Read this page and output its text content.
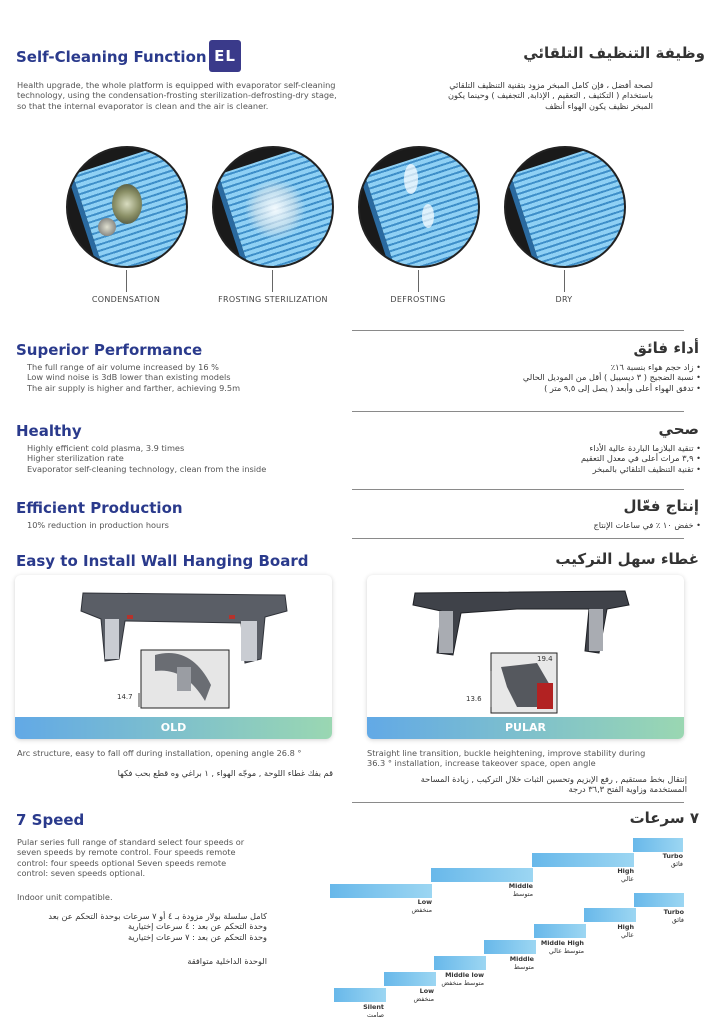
Self-Cleaning Function EL	وظيفة التنظيف التلقائي
Health upgrade, the whole platform is equipped with evaporator self-cleaning
technology, using the condensation-frosting sterilization-defrosting-dry stage,
so that the internal evaporator is clean and the air is cleaner.
لصحة أفضل ، فإن كامل المبخر مزود بتقنية التنظيف التلقائي
باستخدام ( التكثيف , التعقيم , الإذابة, التجفيف ) وحينما يكون
المبخر نظيف يكون الهواء أنظف
CONDENSATION	FROSTING STERILIZATION	DEFROSTING	DRY
Superior Performance	أداء فائق
The full range of air volume increased by 16 %
Low wind noise is 3dB lower than existing models
The air supply is higher and farther, achieving 9.5m
• زاد حجم هواء بنسبة ١٦٪
• نسبة الضجيج ( ٣ ديسيبل ) أقل من الموديل الحالي
• تدفق الهواء أعلى وأبعد ( يصل إلى ٩,٥ متر )
Healthy	صحي
Highly efficient cold plasma, 3.9 times
Higher sterilization rate
Evaporator self-cleaning technology, clean from the inside
• تنقية البلازما الباردة عالية الأداء
• ٣,٩ مرات أعلى في معدل التعقيم
• تقنية التنظيف التلقائي بالمبخر
Efficient Production	إنتاج فعّال
10% reduction in production hours
•	خفض ١٠ ٪ في ساعات الإنتاج
Easy to Install Wall Hanging Board	غطاء سهل التركيب
14.7
OLD
19.4
13.6
PULAR
Arc structure, easy to fall off during installation, opening angle 26.8 °
قم بفك غطاء اللوحة , موجّه الهواء , ١ براغي وه قطع بحب فكها
Straight line transition, buckle heightening, improve stability during
36.3 ° installation, increase takeover space, open angle
إنتقال بخط مستقيم , رفع الإبزيم وتحسين الثبات خلال التركيب , زيادة المساحة
المستخدمة وزاوية الفتح ٣٦,٣ درجة
7 Speed	٧ سرعات
Pular series full range of standard select four speeds or
seven speeds by remote control. Four speeds remote
control: four speeds optional Seven speeds remote
control: seven speeds optional.
Indoor unit compatible.
كامل سلسلة بولار مزودة بـ ٤ أو ٧ سرعات بوحدة التحكم عن بعد
وحدة التحكم عن بعد : ٤ سرعات إختيارية
وحدة التحكم عن بعد : ٧ سرعات إختيارية
الوحدة الداخلية متوافقة
Low
منخفض
Middle
متوسط
High
عالي
Turbo
فائق
Silent
صامت
Low
منخفض
Middle low
متوسط منخفض
Middle
متوسط
Middle High
متوسط عالي
High
عالي
Turbo
فائق
